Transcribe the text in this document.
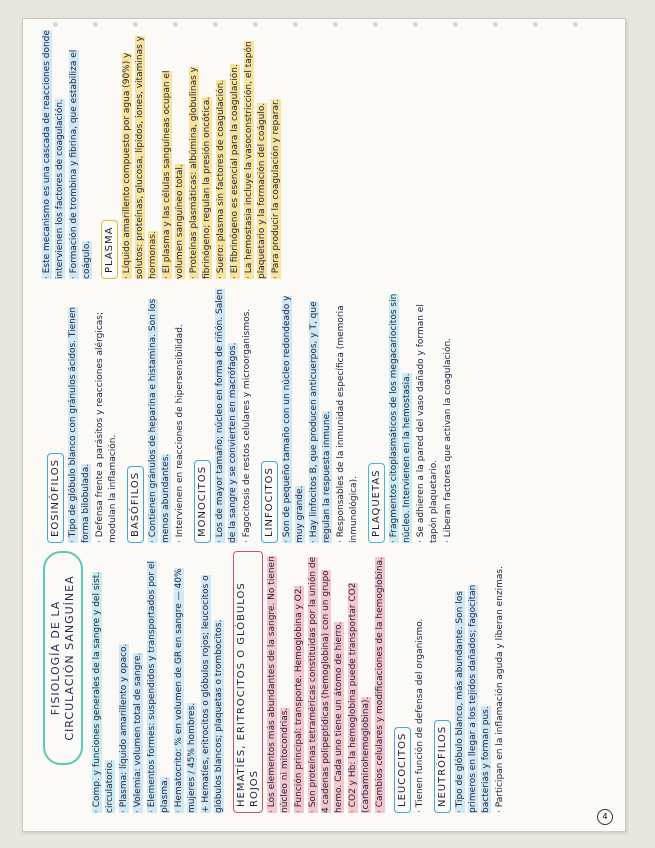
FISIOLOGÍA DE LA CIRCULACIÓN SANGUÍNEA · Comp. y funciones generales de la sangre y del sist. circulatorio. · Plasma: líquido amarillento y opaco. · Volemia: volumen total de sangre. · Elementos formes: suspendidos y transportados por el plasma. · Hematocrito: % en volumen de GR en sangre — 40% mujeres / 45% hombres. + Hematíes, eritrocitos o glóbulos rojos; leucocitos o glóbulos blancos; plaquetas o trombocitos. HEMATÍES, ERITROCITOS O GLÓBULOS ROJOS · Los elementos más abundantes de la sangre. No tienen núcleo ni mitocondrias. · Función principal: transporte. Hemoglobina y O2. · Son proteínas tetraméricas constituidas por la unión de 4 cadenas polipeptídicas (hemoglobina) con un grupo hemo. Cada uno tiene un átomo de hierro. · CO2 y Hb: la hemoglobina puede transportar CO2 (carbaminohemoglobina). · Cambios celulares y modificaciones de la hemoglobina. LEUCOCITOS · Tienen función de defensa del organismo. NEUTRÓFILOS · Tipo de glóbulo blanco, más abundante. Son los primeros en llegar a los tejidos dañados; fagocitan bacterias y forman pus. · Participan en la inflamación aguda y liberan enzimas.

EOSINÓFILOS · Tipo de glóbulo blanco con gránulos ácidos. Tienen forma bilobulada. · Defensa frente a parásitos y reacciones alérgicas; modulan la inflamación. BASÓFILOS · Contienen gránulos de heparina e histamina. Son los menos abundantes. · Intervienen en reacciones de hipersensibilidad. MONOCITOS · Los de mayor tamaño; núcleo en forma de riñón. Salen de la sangre y se convierten en macrófagos. · Fagocitosis de restos celulares y microorganismos. LINFOCITOS · Son de pequeño tamaño con un núcleo redondeado y muy grande. · Hay linfocitos B, que producen anticuerpos, y T, que regulan la respuesta inmune. · Responsables de la inmunidad específica (memoria inmunológica). PLAQUETAS · Fragmentos citoplasmáticos de los megacariocitos sin núcleo. Intervienen en la hemostasia. · Se adhieren a la pared del vaso dañado y forman el tapón plaquetario. · Liberan factores que activan la coagulación.

· Este mecanismo es una cascada de reacciones donde intervienen los factores de coagulación. · Formación de trombina y fibrina, que estabiliza el coágulo. PLASMA · Líquido amarillento compuesto por agua (90%) y solutos: proteínas, glucosa, lípidos, iones, vitaminas y hormonas. · El plasma y las células sanguíneas ocupan el volumen sanguíneo total. · Proteínas plasmáticas: albúmina, globulinas y fibrinógeno; regulan la presión oncótica. · Suero: plasma sin factores de coagulación. · El fibrinógeno es esencial para la coagulación. · La hemostasia incluye la vasoconstricción, el tapón plaquetario y la formación del coágulo. · Para producir la coagulación y reparar.

4
